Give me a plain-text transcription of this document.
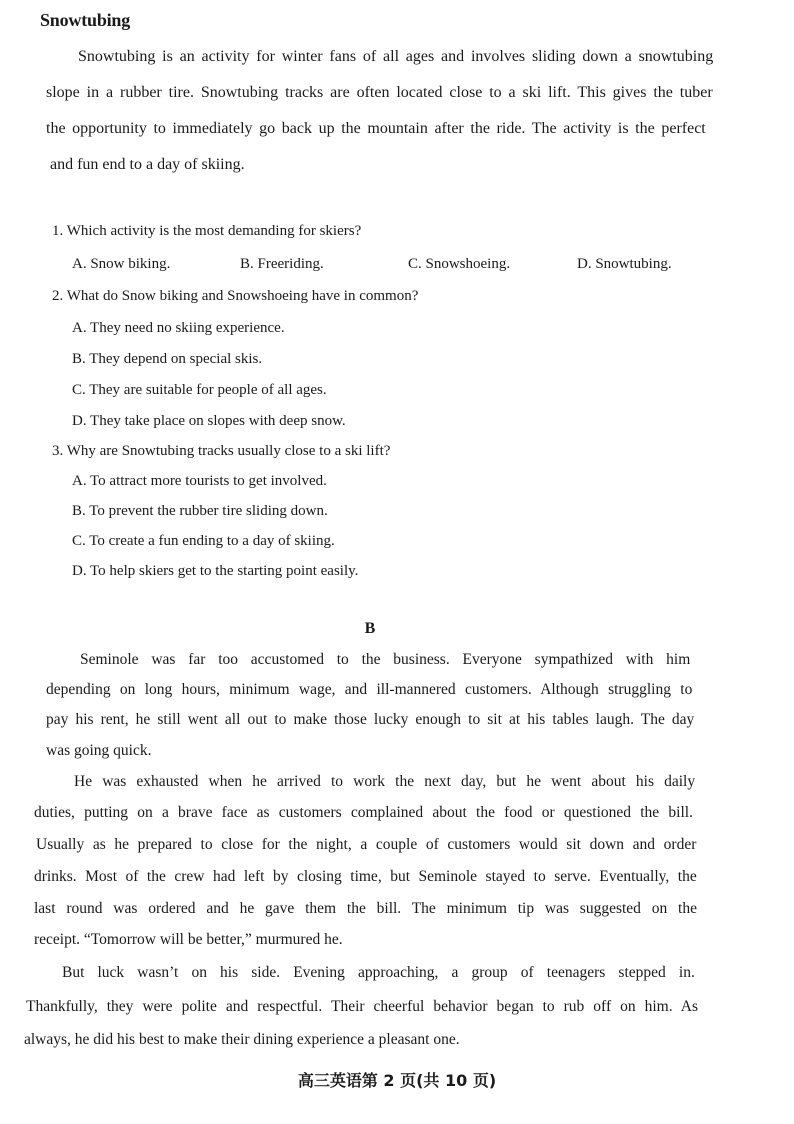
Snowtubing
Snowtubing is an activity for winter fans of all ages and involves sliding down a snowtubing
slope in a rubber tire. Snowtubing tracks are often located close to a ski lift. This gives the tuber
the opportunity to immediately go back up the mountain after the ride. The activity is the perfect
and fun end to a day of skiing.
1. Which activity is the most demanding for skiers?
A. Snow biking.	B. Freeriding.	C. Snowshoeing.	D. Snowtubing.
2. What do Snow biking and Snowshoeing have in common?
A. They need no skiing experience.
B. They depend on special skis.
C. They are suitable for people of all ages.
D. They take place on slopes with deep snow.
3. Why are Snowtubing tracks usually close to a ski lift?
A. To attract more tourists to get involved.
B. To prevent the rubber tire sliding down.
C. To create a fun ending to a day of skiing.
D. To help skiers get to the starting point easily.
B
Seminole was far too accustomed to the business. Everyone sympathized with him
depending on long hours, minimum wage, and ill-mannered customers. Although struggling to
pay his rent, he still went all out to make those lucky enough to sit at his tables laugh. The day
was going quick.
He was exhausted when he arrived to work the next day, but he went about his daily
duties, putting on a brave face as customers complained about the food or questioned the bill.
Usually as he prepared to close for the night, a couple of customers would sit down and order
drinks. Most of the crew had left by closing time, but Seminole stayed to serve. Eventually, the
last round was ordered and he gave them the bill. The minimum tip was suggested on the
receipt. “Tomorrow will be better,” murmured he.
But luck wasn’t on his side. Evening approaching, a group of teenagers stepped in.
Thankfully, they were polite and respectful. Their cheerful behavior began to rub off on him. As
always, he did his best to make their dining experience a pleasant one.
高三英语第 2 页(共 10 页)
